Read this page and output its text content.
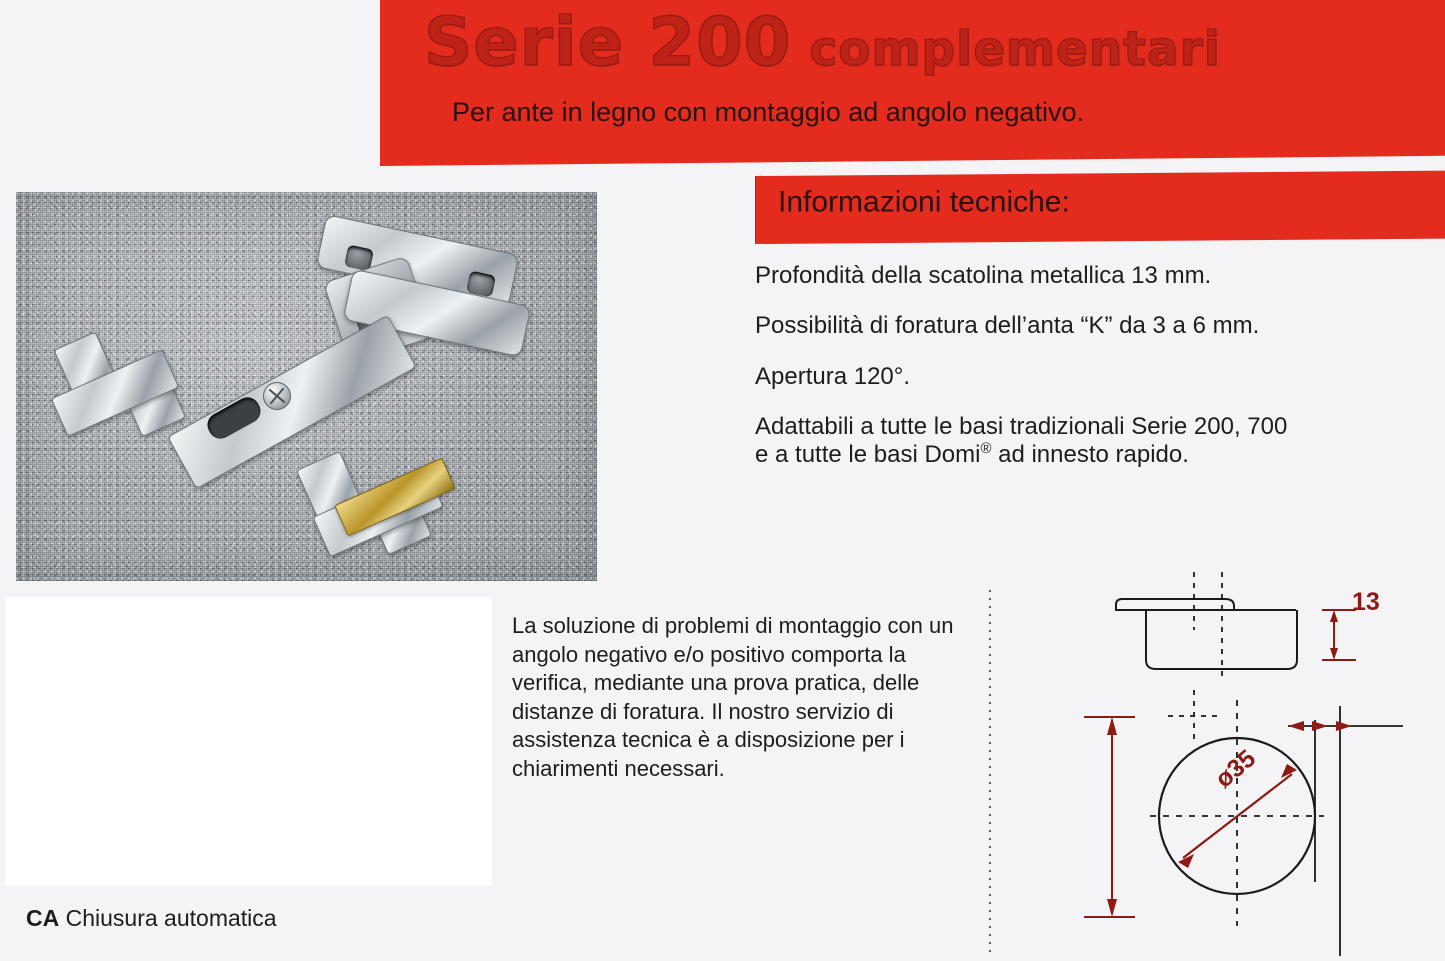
Serie 200 complementari
Per ante in legno con montaggio ad angolo negativo.
Informazioni tecniche:

Profondità della scatolina metallica 13 mm.

Possibilità di foratura dell’anta “K” da 3 a 6 mm.

Apertura 120°.

Adattabili a tutte le basi tradizionali Serie 200, 700
e a tutte le basi Domi® ad innesto rapido.

CA Chiusura automatica
La soluzione di problemi di montaggio con un angolo negativo e/o positivo comporta la verifica, mediante una prova pratica, delle distanze di foratura. Il nostro servizio di assistenza tecnica è a disposizione per i chiarimenti necessari.
13
ø35
